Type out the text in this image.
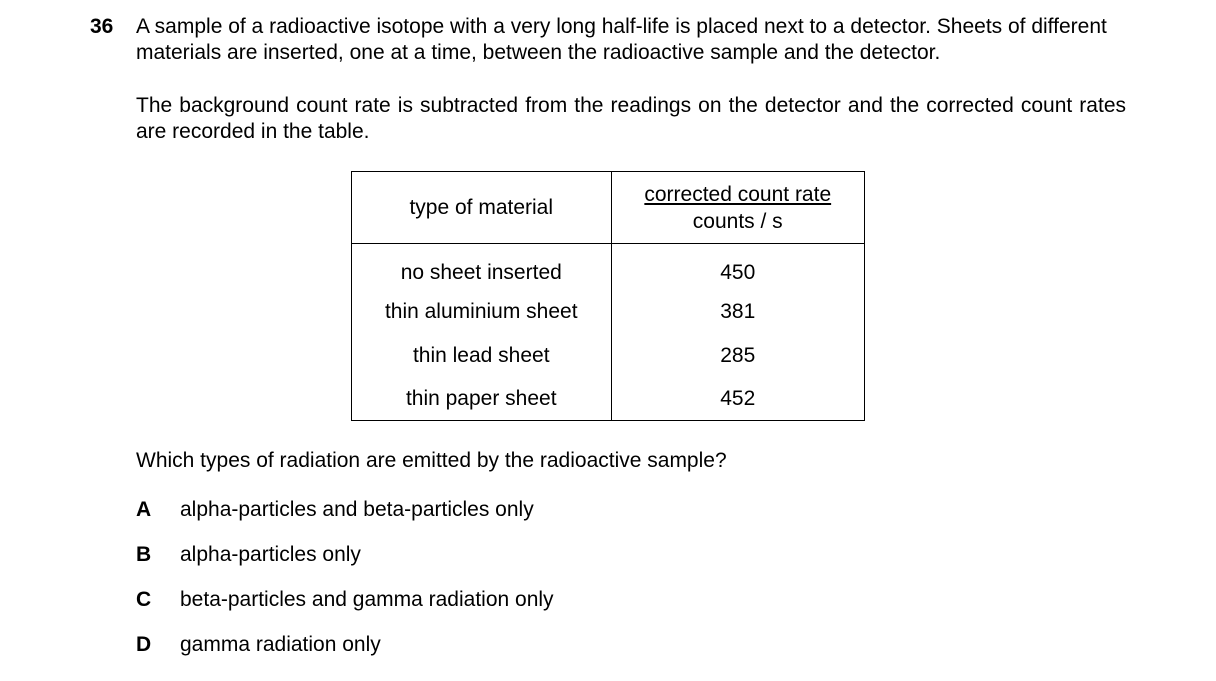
36 A sample of a radioactive isotope with a very long half-life is placed next to a detector. Sheets of different materials are inserted, one at a time, between the radioactive sample and the detector.
The background count rate is subtracted from the readings on the detector and the corrected count rates are recorded in the table.
type of material	corrected count rate
counts / s
no sheet inserted	450
thin aluminium sheet	381
thin lead sheet	285
thin paper sheet	452
Which types of radiation are emitted by the radioactive sample?
A	alpha-particles and beta-particles only
B	alpha-particles only
C	beta-particles and gamma radiation only
D	gamma radiation only
